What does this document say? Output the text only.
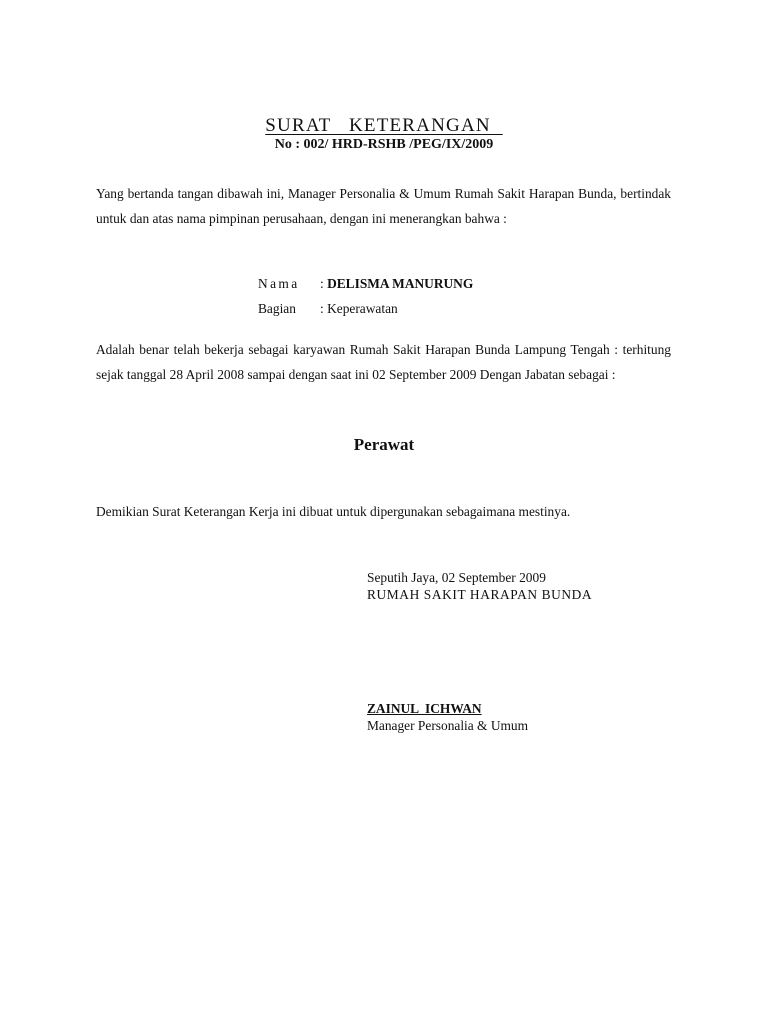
SURAT   KETERANGAN
No : 002/ HRD-RSHB /PEG/IX/2009

Yang bertanda tangan dibawah ini, Manager Personalia & Umum Rumah Sakit Harapan Bunda, bertindak untuk dan atas nama pimpinan perusahaan, dengan ini menerangkan bahwa :

Nama : DELISMA MANURUNG
Bagian : Keperawatan

Adalah benar telah bekerja sebagai karyawan Rumah Sakit Harapan Bunda Lampung Tengah : terhitung sejak tanggal 28 April 2008 sampai dengan saat ini 02 September 2009 Dengan Jabatan sebagai :

Perawat

Demikian Surat Keterangan Kerja ini dibuat untuk dipergunakan sebagaimana mestinya.

Seputih Jaya, 02 September 2009
RUMAH SAKIT HARAPAN BUNDA
ZAINUL  ICHWAN
Manager Personalia & Umum
